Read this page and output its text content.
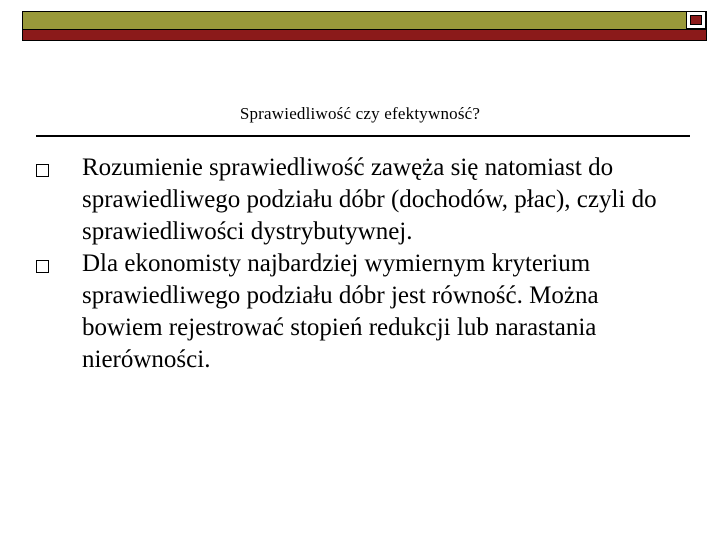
Sprawiedliwość czy efektywność?
Rozumienie sprawiedliwość zawęża się natomiast do sprawiedliwego podziału dóbr (dochodów, płac), czyli do sprawiedliwości dystrybutywnej.
Dla ekonomisty najbardziej wymiernym kryterium sprawiedliwego podziału dóbr jest równość. Można bowiem rejestrować stopień redukcji lub narastania nierówności.
